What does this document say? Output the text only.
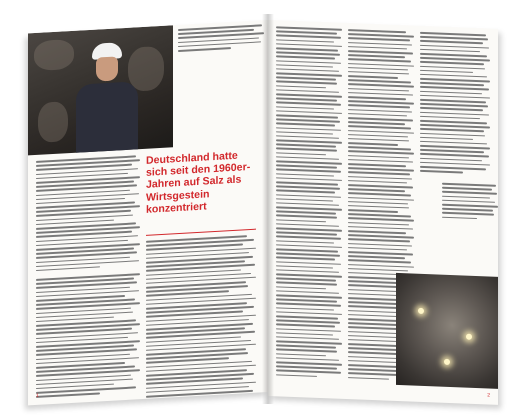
Deutschland hatte sich seit den 1960er-Jahren auf Salz als Wirtsgestein konzentriert

1	2
